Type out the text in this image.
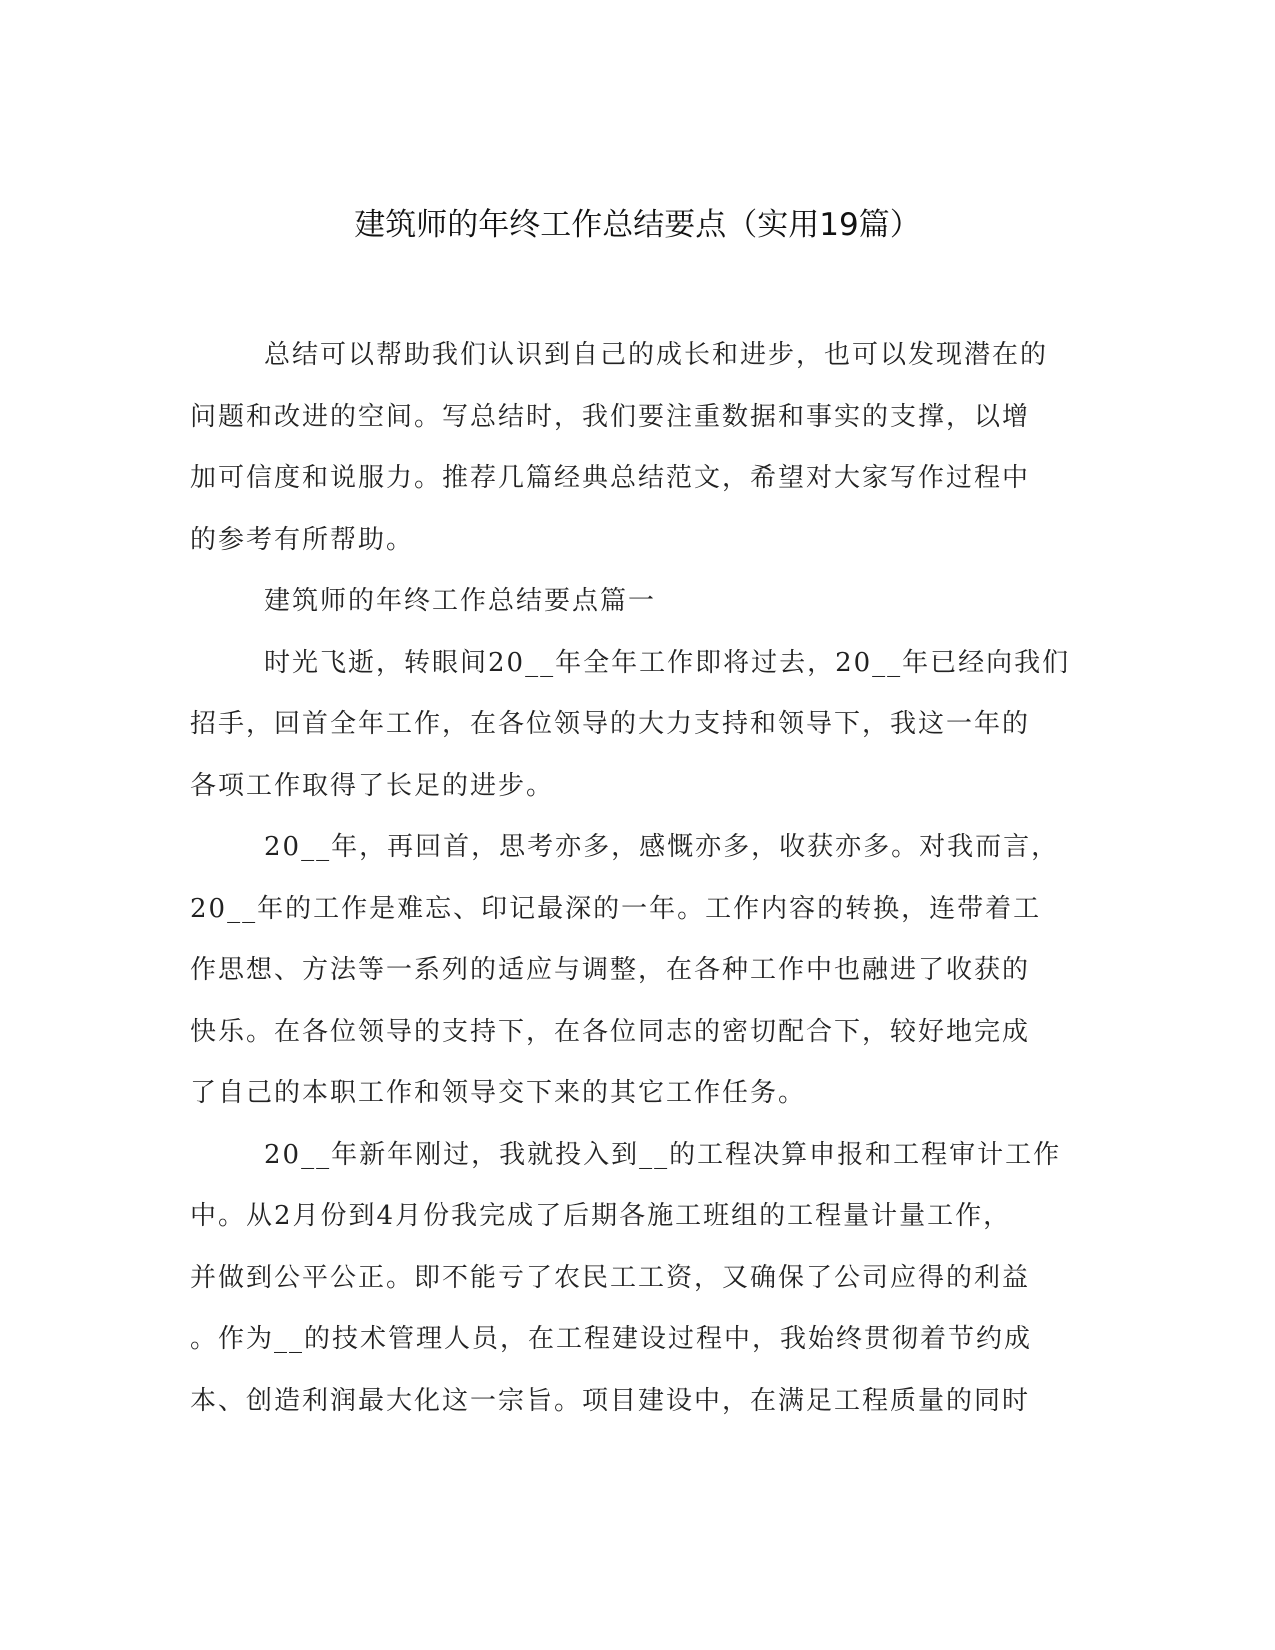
建筑师的年终工作总结要点（实用19篇）

总结可以帮助我们认识到自己的成长和进步，也可以发现潜在的
问题和改进的空间。写总结时，我们要注重数据和事实的支撑，以增
加可信度和说服力。推荐几篇经典总结范文，希望对大家写作过程中
的参考有所帮助。

建筑师的年终工作总结要点篇一

时光飞逝，转眼间20__年全年工作即将过去，20__年已经向我们
招手，回首全年工作，在各位领导的大力支持和领导下，我这一年的
各项工作取得了长足的进步。

20__年，再回首，思考亦多，感慨亦多，收获亦多。对我而言，
20__年的工作是难忘、印记最深的一年。工作内容的转换，连带着工
作思想、方法等一系列的适应与调整，在各种工作中也融进了收获的
快乐。在各位领导的支持下，在各位同志的密切配合下，较好地完成
了自己的本职工作和领导交下来的其它工作任务。

20__年新年刚过，我就投入到__的工程决算申报和工程审计工作
中。从2月份到4月份我完成了后期各施工班组的工程量计量工作，
并做到公平公正。即不能亏了农民工工资，又确保了公司应得的利益
。作为__的技术管理人员，在工程建设过程中，我始终贯彻着节约成
本、创造利润最大化这一宗旨。项目建设中，在满足工程质量的同时
